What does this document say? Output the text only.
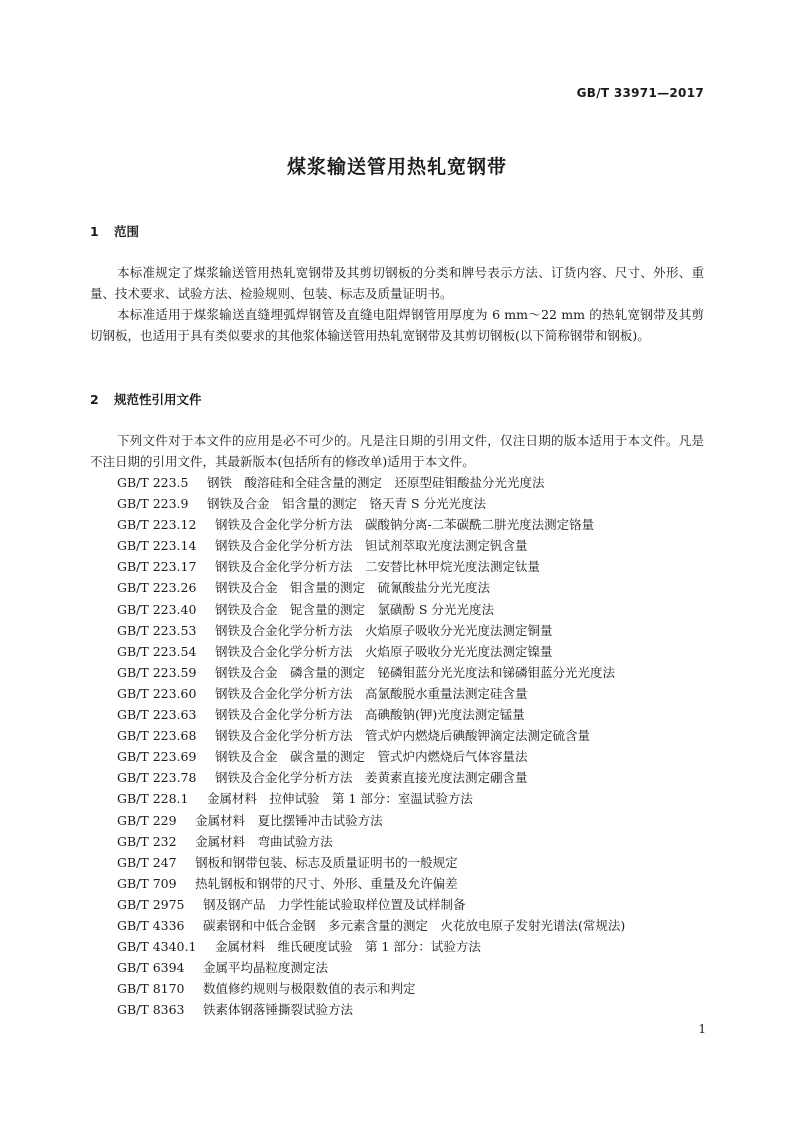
GB/T 33971—2017
煤浆输送管用热轧宽钢带
1 范围
本标准规定了煤浆输送管用热轧宽钢带及其剪切钢板的分类和牌号表示方法、订货内容、尺寸、外形、重量、技术要求、试验方法、检验规则、包装、标志及质量证明书。
本标准适用于煤浆输送直缝埋弧焊钢管及直缝电阻焊钢管用厚度为 6 mm～22 mm 的热轧宽钢带及其剪切钢板，也适用于具有类似要求的其他浆体输送管用热轧宽钢带及其剪切钢板(以下简称钢带和钢板)。
2 规范性引用文件
下列文件对于本文件的应用是必不可少的。凡是注日期的引用文件，仅注日期的版本适用于本文件。凡是不注日期的引用文件，其最新版本(包括所有的修改单)适用于本文件。
GB/T 223.5　 钢铁　酸溶硅和全硅含量的测定　还原型硅钼酸盐分光光度法
GB/T 223.9　 钢铁及合金　铝含量的测定　铬天青 S 分光光度法
GB/T 223.12　 钢铁及合金化学分析方法　碳酸钠分离-二苯碳酰二肼光度法测定铬量
GB/T 223.14　 钢铁及合金化学分析方法　钽试剂萃取光度法测定钒含量
GB/T 223.17　 钢铁及合金化学分析方法　二安替比林甲烷光度法测定钛量
GB/T 223.26　 钢铁及合金　钼含量的测定　硫氰酸盐分光光度法
GB/T 223.40　 钢铁及合金　铌含量的测定　氯磺酚 S 分光光度法
GB/T 223.53　 钢铁及合金化学分析方法　火焰原子吸收分光光度法测定铜量
GB/T 223.54　 钢铁及合金化学分析方法　火焰原子吸收分光光度法测定镍量
GB/T 223.59　 钢铁及合金　磷含量的测定　铋磷钼蓝分光光度法和锑磷钼蓝分光光度法
GB/T 223.60　 钢铁及合金化学分析方法　高氯酸脱水重量法测定硅含量
GB/T 223.63　 钢铁及合金化学分析方法　高碘酸钠(钾)光度法测定锰量
GB/T 223.68　 钢铁及合金化学分析方法　管式炉内燃烧后碘酸钾滴定法测定硫含量
GB/T 223.69　 钢铁及合金　碳含量的测定　管式炉内燃烧后气体容量法
GB/T 223.78　 钢铁及合金化学分析方法　姜黄素直接光度法测定硼含量
GB/T 228.1　 金属材料　拉伸试验　第 1 部分：室温试验方法
GB/T 229　 金属材料　夏比摆锤冲击试验方法
GB/T 232　 金属材料　弯曲试验方法
GB/T 247　 钢板和钢带包装、标志及质量证明书的一般规定
GB/T 709　 热轧钢板和钢带的尺寸、外形、重量及允许偏差
GB/T 2975　 钢及钢产品　力学性能试验取样位置及试样制备
GB/T 4336　 碳素钢和中低合金钢　多元素含量的测定　火花放电原子发射光谱法(常规法)
GB/T 4340.1　 金属材料　维氏硬度试验　第 1 部分：试验方法
GB/T 6394　 金属平均晶粒度测定法
GB/T 8170　 数值修约规则与极限数值的表示和判定
GB/T 8363　 铁素体钢落锤撕裂试验方法
1
